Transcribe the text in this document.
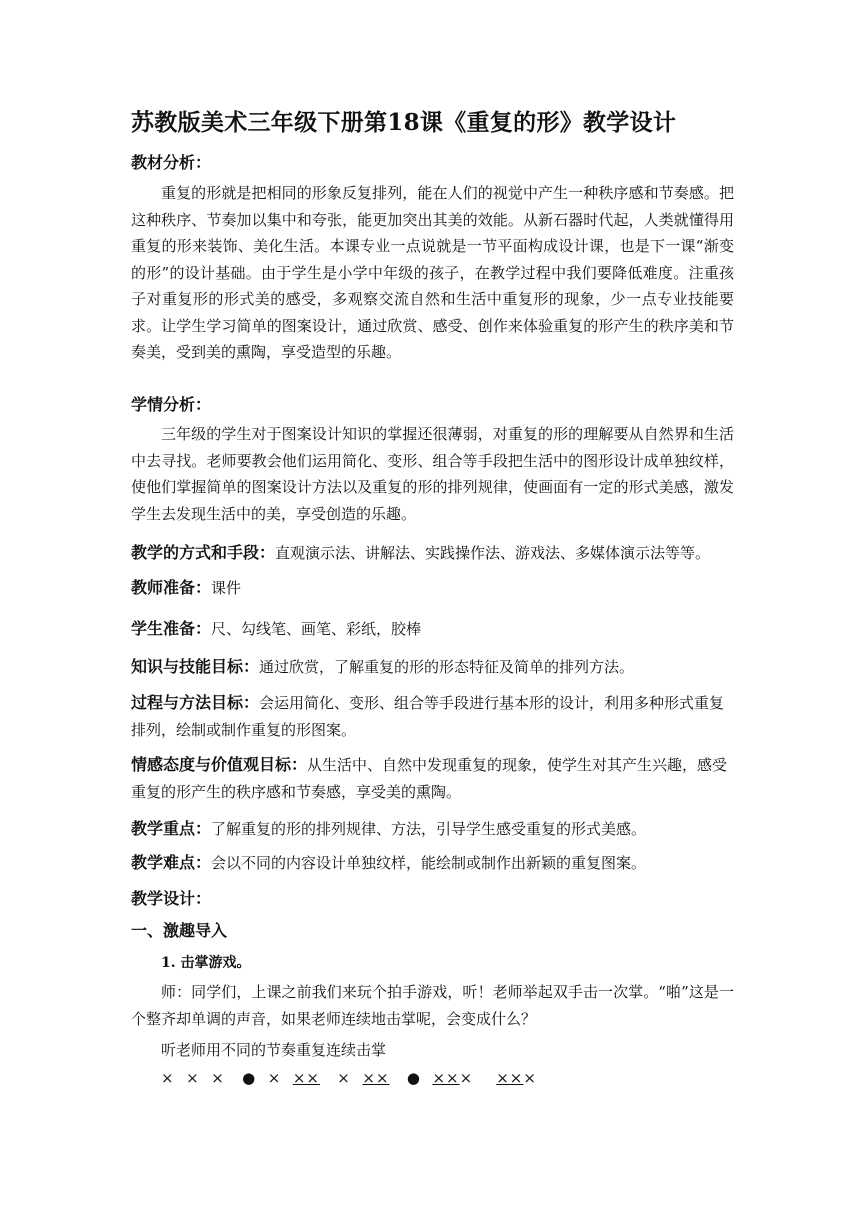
苏教版美术三年级下册第18课《重复的形》教学设计
教材分析：
重复的形就是把相同的形象反复排列，能在人们的视觉中产生一种秩序感和节奏感。把这种秩序、节奏加以集中和夸张，能更加突出其美的效能。从新石器时代起，人类就懂得用重复的形来装饰、美化生活。本课专业一点说就是一节平面构成设计课，也是下一课“渐变的形”的设计基础。由于学生是小学中年级的孩子，在教学过程中我们要降低难度。注重孩子对重复形的形式美的感受，多观察交流自然和生活中重复形的现象，少一点专业技能要求。让学生学习简单的图案设计，通过欣赏、感受、创作来体验重复的形产生的秩序美和节奏美，受到美的熏陶，享受造型的乐趣。
学情分析：
三年级的学生对于图案设计知识的掌握还很薄弱，对重复的形的理解要从自然界和生活中去寻找。老师要教会他们运用简化、变形、组合等手段把生活中的图形设计成单独纹样，使他们掌握简单的图案设计方法以及重复的形的排列规律，使画面有一定的形式美感，激发学生去发现生活中的美，享受创造的乐趣。
教学的方式和手段：直观演示法、讲解法、实践操作法、游戏法、多媒体演示法等等。
教师准备：课件
学生准备：尺、勾线笔、画笔、彩纸，胶棒
知识与技能目标：通过欣赏，了解重复的形的形态特征及简单的排列方法。
过程与方法目标：会运用简化、变形、组合等手段进行基本形的设计，利用多种形式重复排列，绘制或制作重复的形图案。
情感态度与价值观目标：从生活中、自然中发现重复的现象，使学生对其产生兴趣，感受重复的形产生的秩序感和节奏感，享受美的熏陶。
教学重点：了解重复的形的排列规律、方法，引导学生感受重复的形式美感。
教学难点：会以不同的内容设计单独纹样，能绘制或制作出新颖的重复图案。
教学设计：
一、激趣导入
1. 击掌游戏。
师：同学们，上课之前我们来玩个拍手游戏，听！老师举起双手击一次掌。“啪”这是一个整齐却单调的声音，如果老师连续地击掌呢，会变成什么？
听老师用不同的节奏重复连续击掌
×  ×  ×   ●  ×  ××   ×  ××   ●  ×××    ×××
